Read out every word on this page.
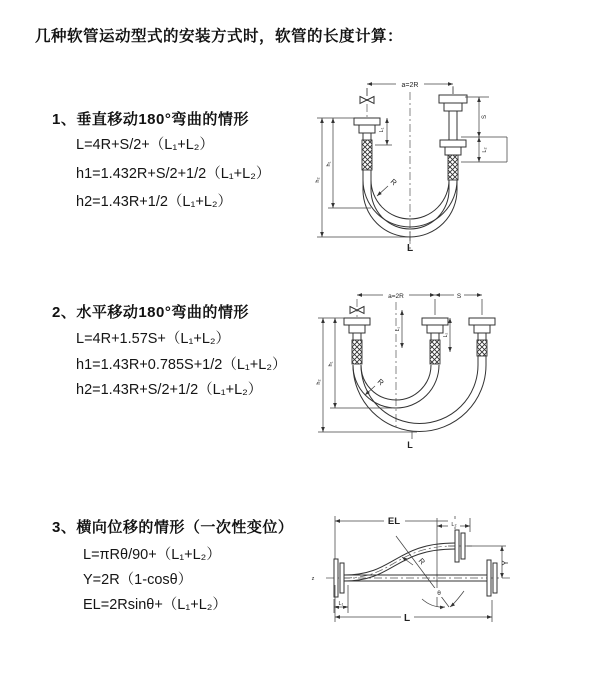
几种软管运动型式的安装方式时，软管的长度计算：
1、垂直移动180°弯曲的情形
L=4R+S/2+（L₁+L₂）
h1=1.432R+S/2+1/2（L₁+L₂）
h2=1.43R+1/2（L₁+L₂）
2、水平移动180°弯曲的情形
L=4R+1.57S+（L₁+L₂）
h1=1.43R+0.785S+1/2（L₁+L₂）
h2=1.43R+S/2+1/2（L₁+L₂）
3、横向位移的情形（一次性变位）
L=πRθ/90+（L₁+L₂）
Y=2R（1-cosθ）
EL=2Rsinθ+（L₁+L₂）
a=2R
R
h₁
h₂
L₁
S
L₂
L
a=2R	S
R
h₁
h₂
L₁
L₂
L
EL	L₂
θ
z
R	Y
L₁
L
